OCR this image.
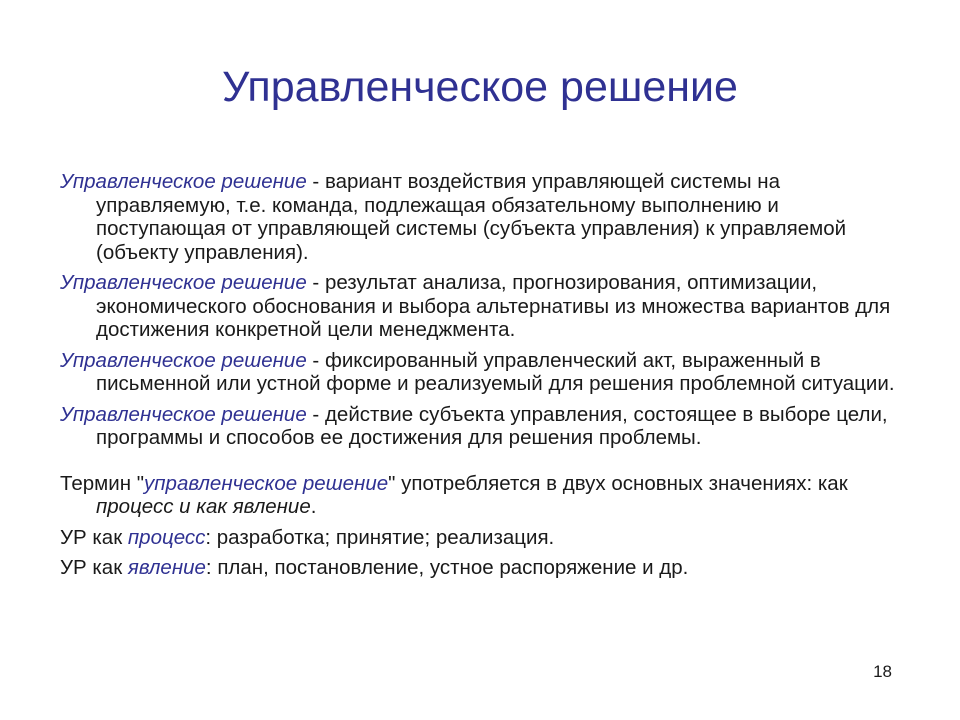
Управленческое решение

Управленческое решение - вариант воздействия управляющей системы на управляемую, т.е. команда, подлежащая обязательному выполнению и поступающая от управляющей системы (субъекта управления) к управляемой (объекту управления).

Управленческое решение - результат анализа, прогнозирования, оптимизации, экономического обоснования и выбора альтернативы из множества вариантов для достижения конкретной цели менеджмента.

Управленческое решение - фиксированный управленческий акт, выраженный в письменной или устной форме и реализуемый для решения проблемной ситуации.

Управленческое решение - действие субъекта управления, состоящее в выборе цели, программы и способов ее достижения для решения проблемы.

Термин "управленческое решение" употребляется в двух основных значениях: как процесс и как явление.

УР как процесс: разработка; принятие; реализация.

УР как явление: план, постановление, устное распоряжение и др.

18
